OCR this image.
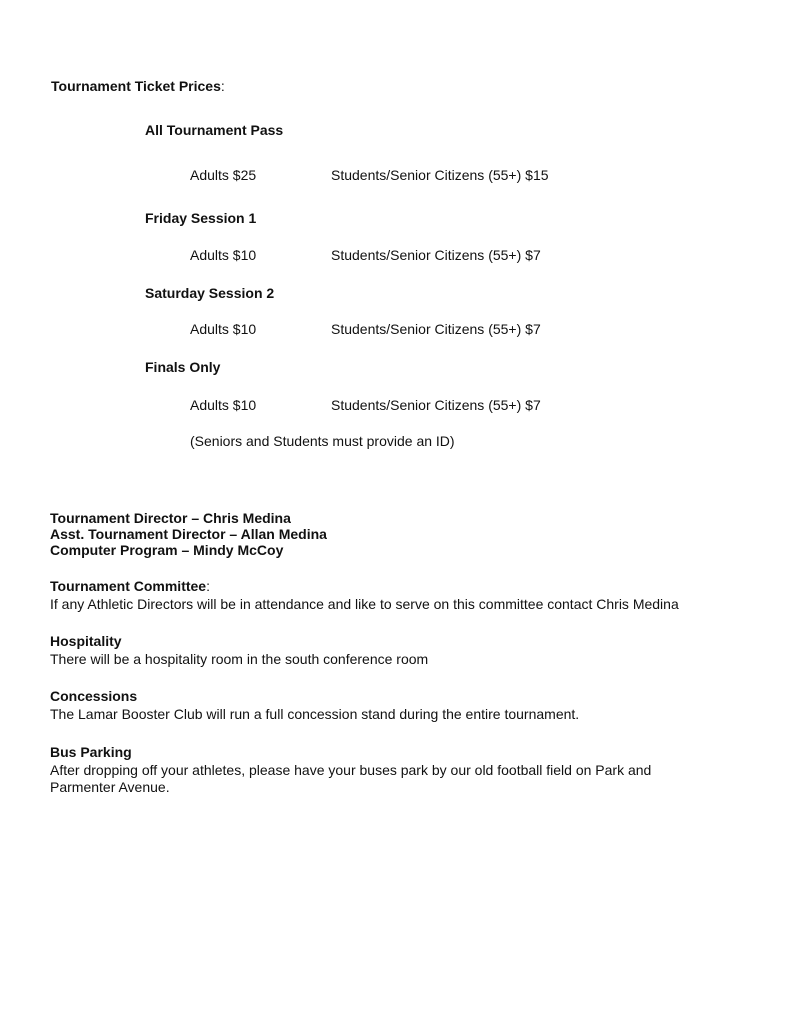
Tournament Ticket Prices:
All Tournament Pass
Adults $25	Students/Senior Citizens (55+) $15
Friday Session 1
Adults $10	Students/Senior Citizens (55+) $7
Saturday Session 2
Adults $10	Students/Senior Citizens (55+) $7
Finals Only
Adults $10	Students/Senior Citizens (55+) $7
(Seniors and Students must provide an ID)
Tournament Director – Chris Medina
Asst. Tournament Director – Allan Medina
Computer Program – Mindy McCoy
Tournament Committee:
If any Athletic Directors will be in attendance and like to serve on this committee contact Chris Medina
Hospitality
There will be a hospitality room in the south conference room
Concessions
The Lamar Booster Club will run a full concession stand during the entire tournament.
Bus Parking
After dropping off your athletes, please have your buses park by our old football field on Park and
Parmenter Avenue.
